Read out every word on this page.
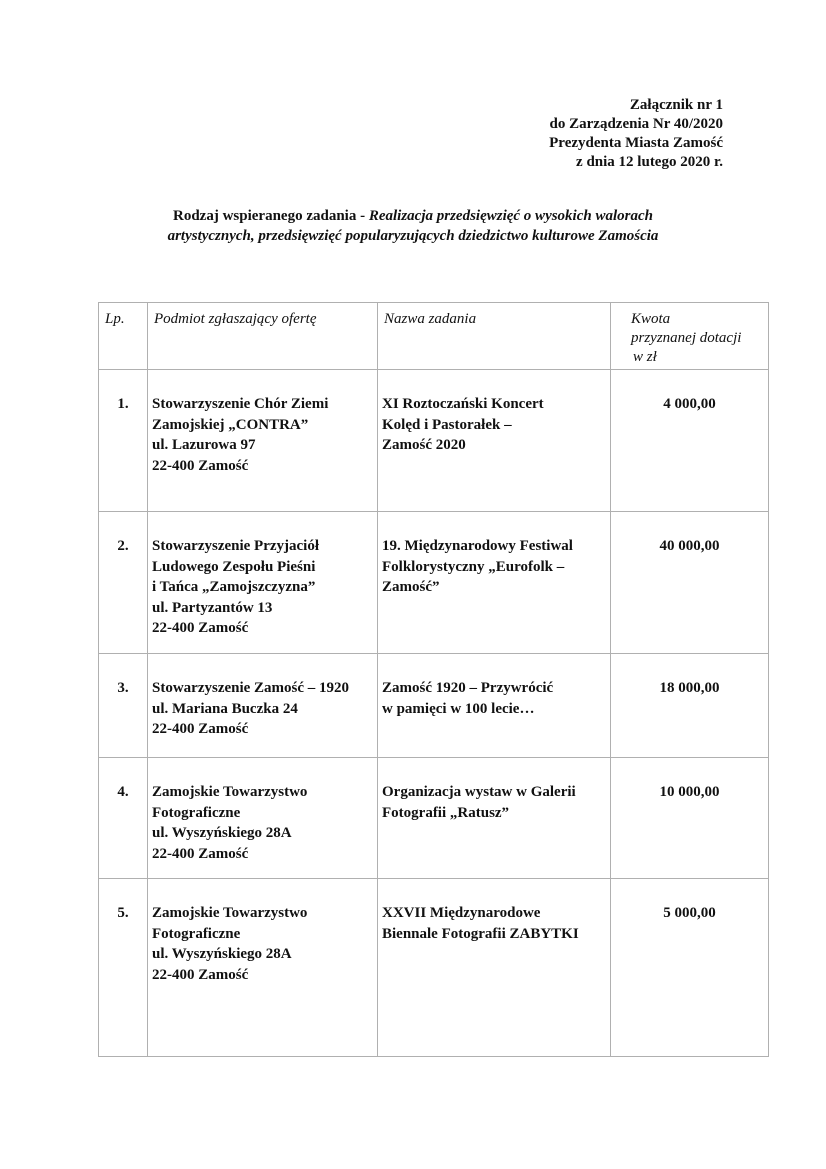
Załącznik nr 1
do Zarządzenia Nr 40/2020
Prezydenta Miasta Zamość
z dnia 12 lutego 2020 r.
Rodzaj wspieranego zadania - Realizacja przedsięwzięć o wysokich walorach
artystycznych, przedsięwzięć popularyzujących dziedzictwo kulturowe Zamościa
Lp.	Podmiot zgłaszający ofertę	Nazwa zadania	Kwota
przyznanej dotacji
w zł

1.	Stowarzyszenie Chór Ziemi
Zamojskiej „CONTRA”
ul. Lazurowa 97
22-400 Zamość	XI Roztoczański Koncert
Kolęd i Pastorałek –
Zamość 2020	4 000,00

2.	Stowarzyszenie Przyjaciół
Ludowego Zespołu Pieśni
i Tańca „Zamojszczyzna”
ul. Partyzantów 13
22-400 Zamość	19. Międzynarodowy Festiwal
Folklorystyczny „Eurofolk –
Zamość”	40 000,00

3.	Stowarzyszenie Zamość – 1920
ul. Mariana Buczka 24
22-400 Zamość	Zamość 1920 – Przywrócić
w pamięci w 100 lecie…	18 000,00

4.	Zamojskie Towarzystwo
Fotograficzne
ul. Wyszyńskiego 28A
22-400 Zamość	Organizacja wystaw w Galerii
Fotografii „Ratusz”	10 000,00

5.	Zamojskie Towarzystwo
Fotograficzne
ul. Wyszyńskiego 28A
22-400 Zamość	XXVII Międzynarodowe
Biennale Fotografii ZABYTKI	5 000,00
